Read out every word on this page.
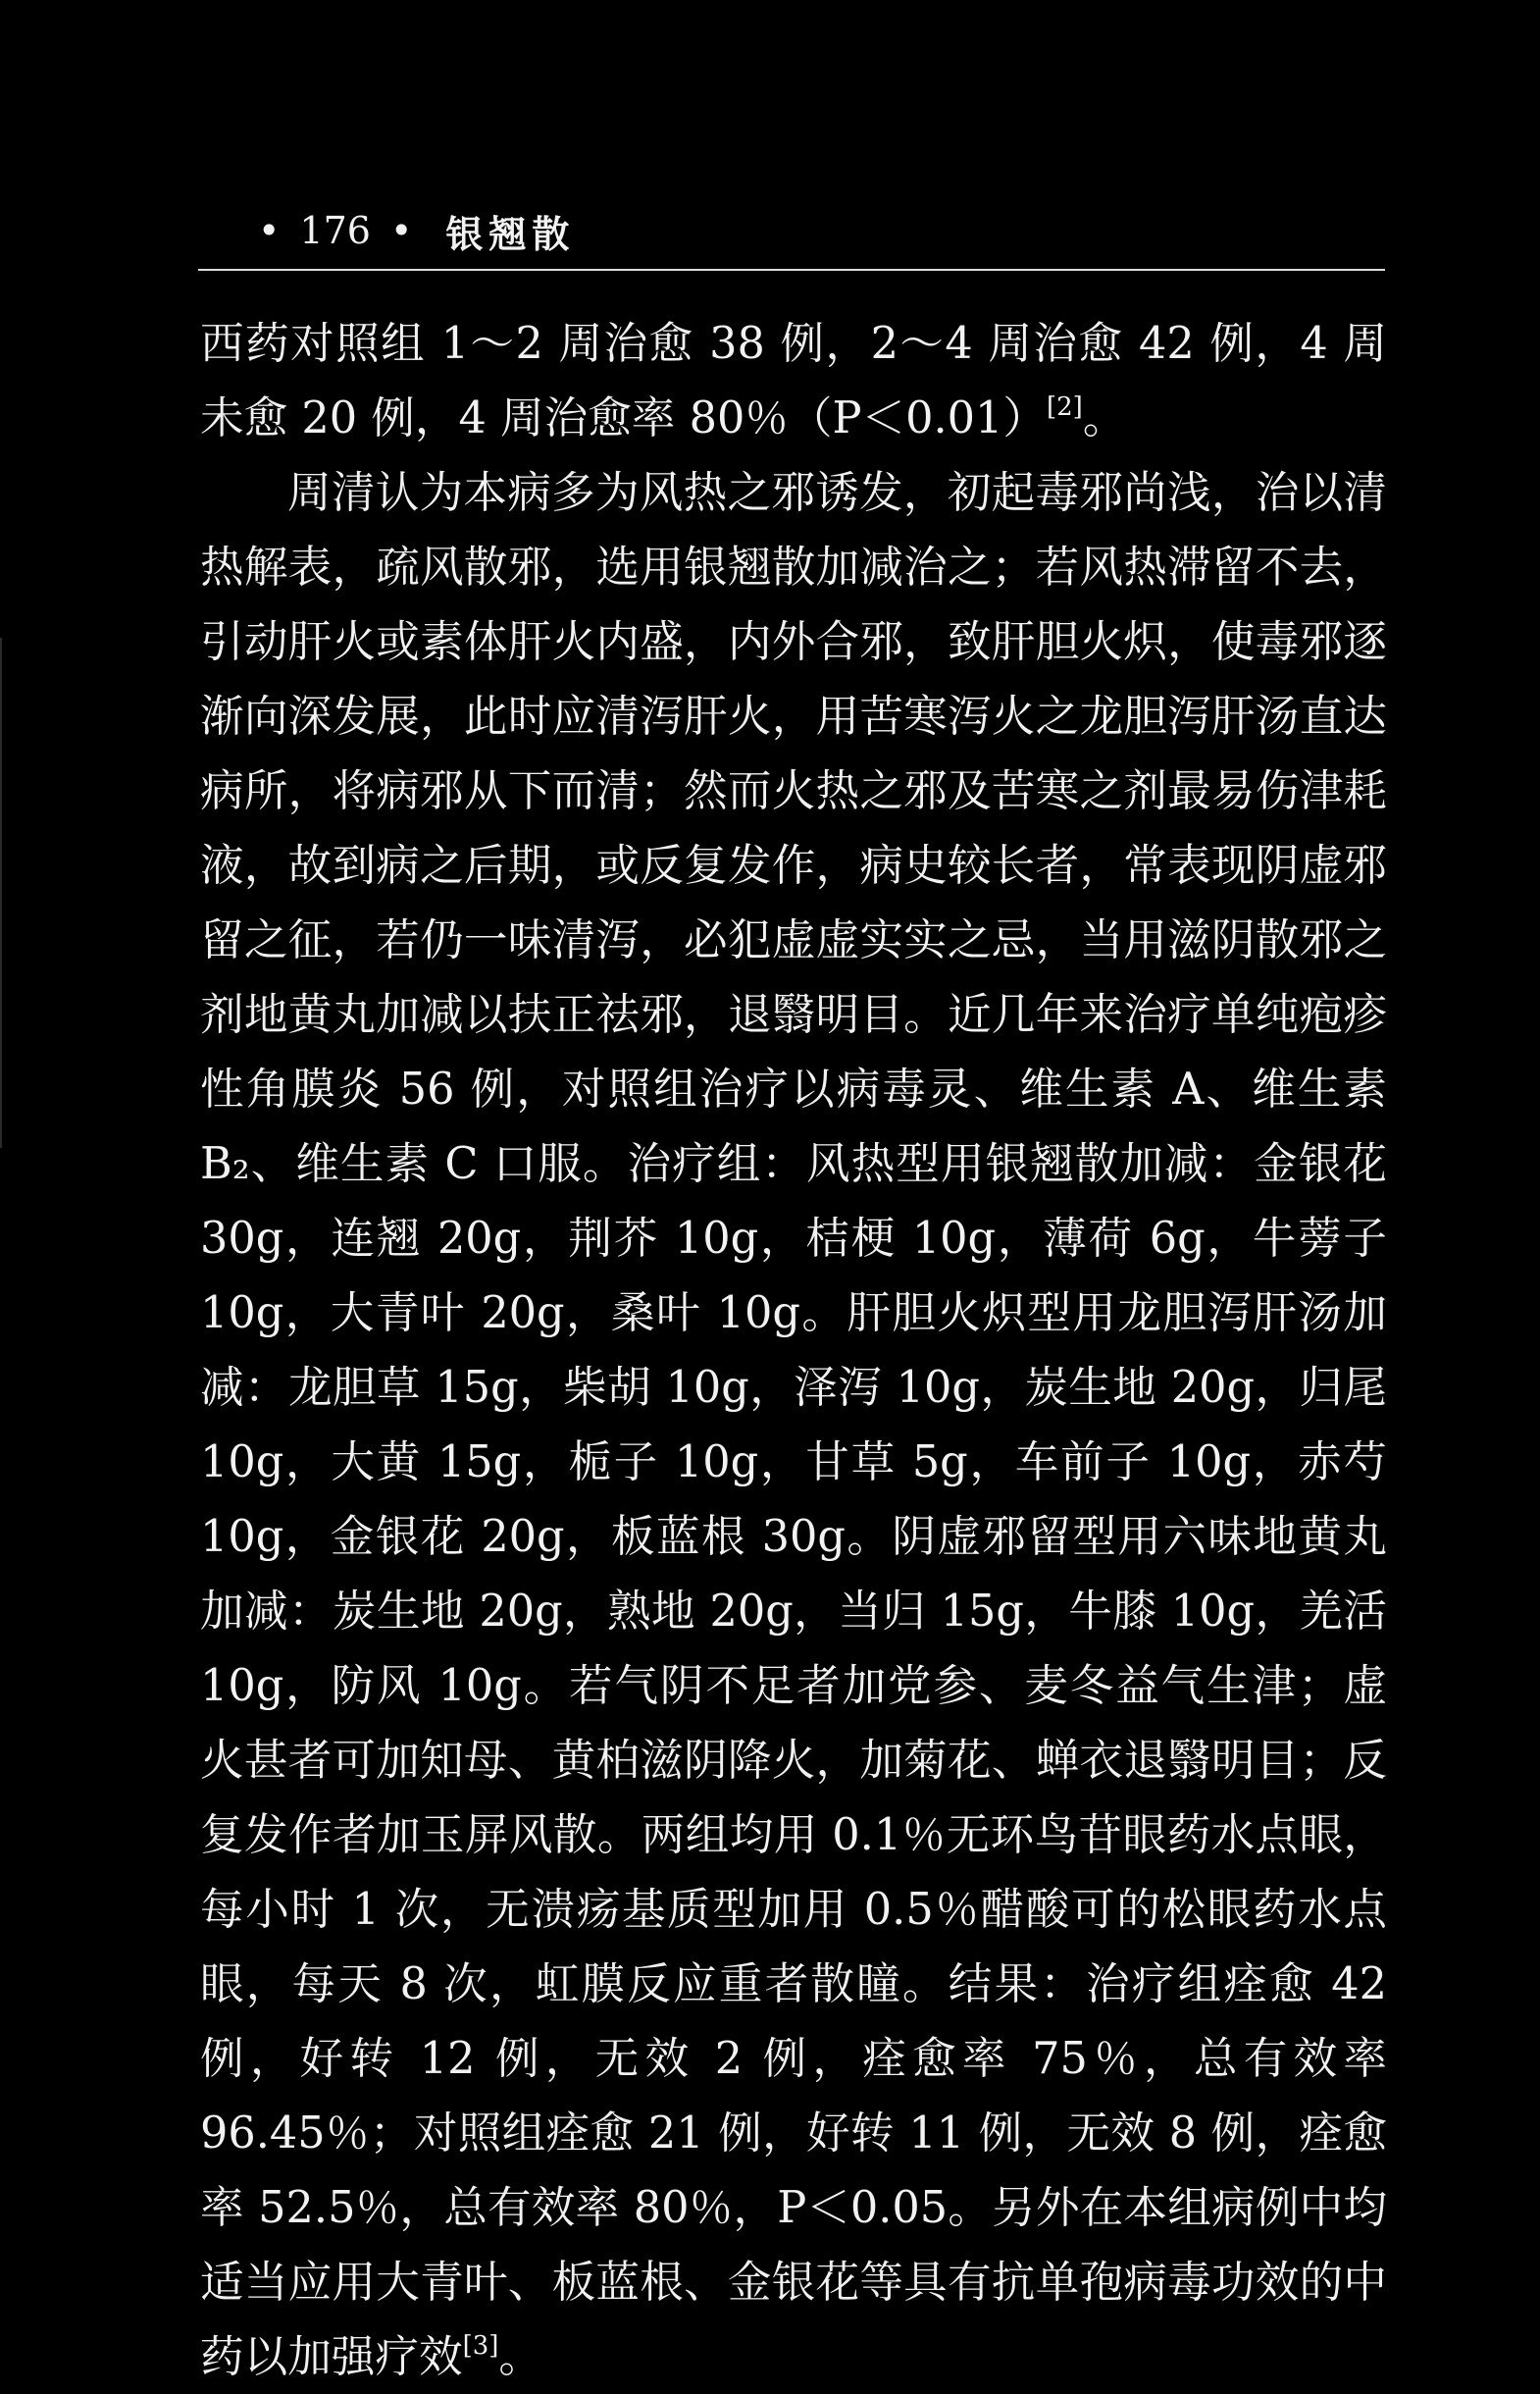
• 176 • 银翘散

西药对照组 1～2 周治愈 38 例，2～4 周治愈 42 例，4 周未愈 20 例，4 周治愈率 80％（P＜0.01）[2]。

周清认为本病多为风热之邪诱发，初起毒邪尚浅，治以清热解表，疏风散邪，选用银翘散加减治之；若风热滞留不去，引动肝火或素体肝火内盛，内外合邪，致肝胆火炽，使毒邪逐渐向深发展，此时应清泻肝火，用苦寒泻火之龙胆泻肝汤直达病所，将病邪从下而清；然而火热之邪及苦寒之剂最易伤津耗液，故到病之后期，或反复发作，病史较长者，常表现阴虚邪留之征，若仍一味清泻，必犯虚虚实实之忌，当用滋阴散邪之剂地黄丸加减以扶正祛邪，退翳明目。近几年来治疗单纯疱疹性角膜炎 56 例，对照组治疗以病毒灵、维生素 A、维生素 B₂、维生素 C 口服。治疗组：风热型用银翘散加减：金银花 30g，连翘 20g，荆芥 10g，桔梗 10g，薄荷 6g，牛蒡子 10g，大青叶 20g，桑叶 10g。肝胆火炽型用龙胆泻肝汤加减：龙胆草 15g，柴胡 10g，泽泻 10g，炭生地 20g，归尾 10g，大黄 15g，栀子 10g，甘草 5g，车前子 10g，赤芍 10g，金银花 20g，板蓝根 30g。阴虚邪留型用六味地黄丸加减：炭生地 20g，熟地 20g，当归 15g，牛膝 10g，羌活 10g，防风 10g。若气阴不足者加党参、麦冬益气生津；虚火甚者可加知母、黄柏滋阴降火，加菊花、蝉衣退翳明目；反复发作者加玉屏风散。两组均用 0.1％无环鸟苷眼药水点眼，每小时 1 次，无溃疡基质型加用 0.5％醋酸可的松眼药水点眼，每天 8 次，虹膜反应重者散瞳。结果：治疗组痊愈 42 例，好转 12 例，无效 2 例，痊愈率 75％，总有效率 96.45％；对照组痊愈 21 例，好转 11 例，无效 8 例，痊愈率 52.5％，总有效率 80％，P＜0.05。另外在本组病例中均适当应用大青叶、板蓝根、金银花等具有抗单孢病毒功效的中药以加强疗效[3]。
